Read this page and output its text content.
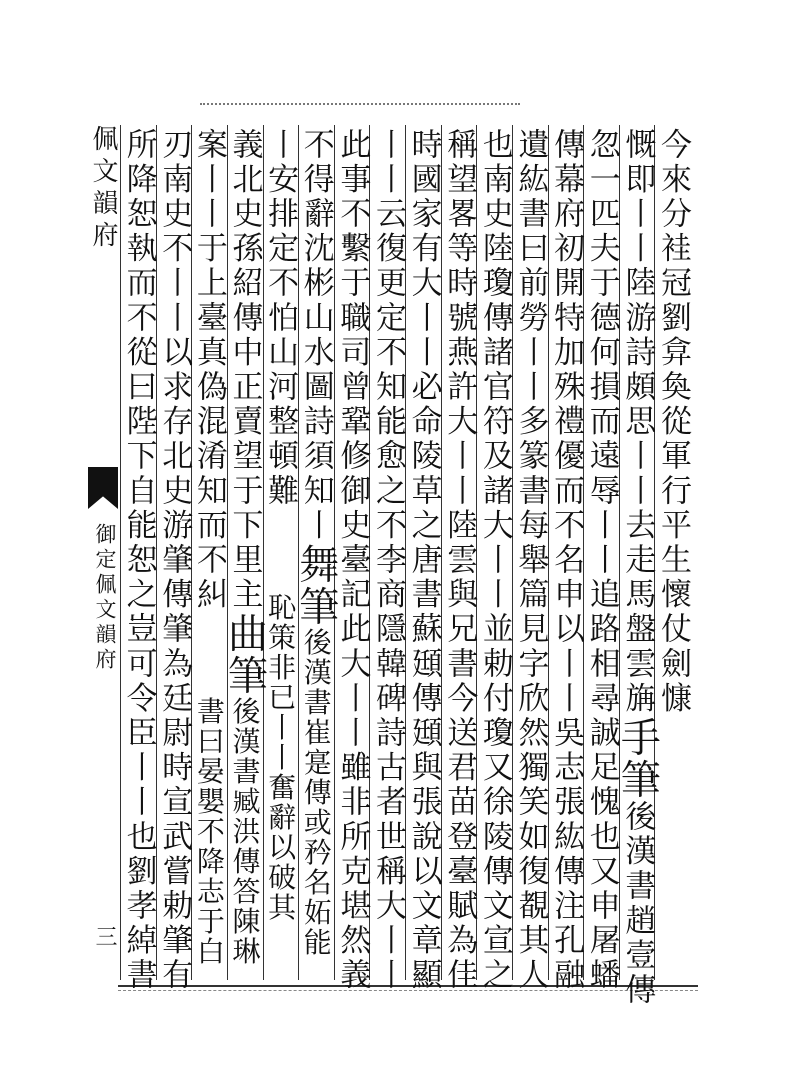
佩文韻府
御定佩文韻府
三
今來分袿冠劉弇奐從軍行平生懷仗劍慷
慨即丨丨陸游詩頗思丨丨去走馬盤雲㫋手筆後漢書趙壹傳
忽一匹夫于德何損而遠辱丨丨追路相尋誠足愧也又申屠蟠
傳幕府初開特加殊禮優而不名申以丨丨吳志張紘傳注孔融
遺紘書曰前勞丨丨多篆書每舉篇見字欣然獨笑如復覩其人
也南史陸瓊傳諸官符及諸大丨丨並勅付瓊又徐陵傳文宣之
稱望畧等時號燕許大丨丨陸雲與兄書今送君苗登臺賦為佳
時國家有大丨丨必命陵草之唐書蘇頲傳頲與張說以文章顯
丨丨云復更定不知能愈之不李商隱韓碑詩古者世稱大丨丨
此事不繫于職司曾鞏修御史臺記此大丨丨雖非所克堪然義
不得辭沈彬山水圖詩須知丨舞筆後漢書崔寔傳或矜名妬能
丨安排定不怕山河整頓難恥策非已丨丨奮辭以破其
義北史孫紹傳中正賣望于下里主曲筆後漢書臧洪傳答陳琳
案丨丨于上臺真偽混淆知而不糾書曰晏嬰不降志于白
刃南史不丨丨以求存北史游肇傳肇為廷尉時宣武嘗勅肇有
所降恕執而不從曰陛下自能恕之豈可令臣丨丨也劉孝綽書
